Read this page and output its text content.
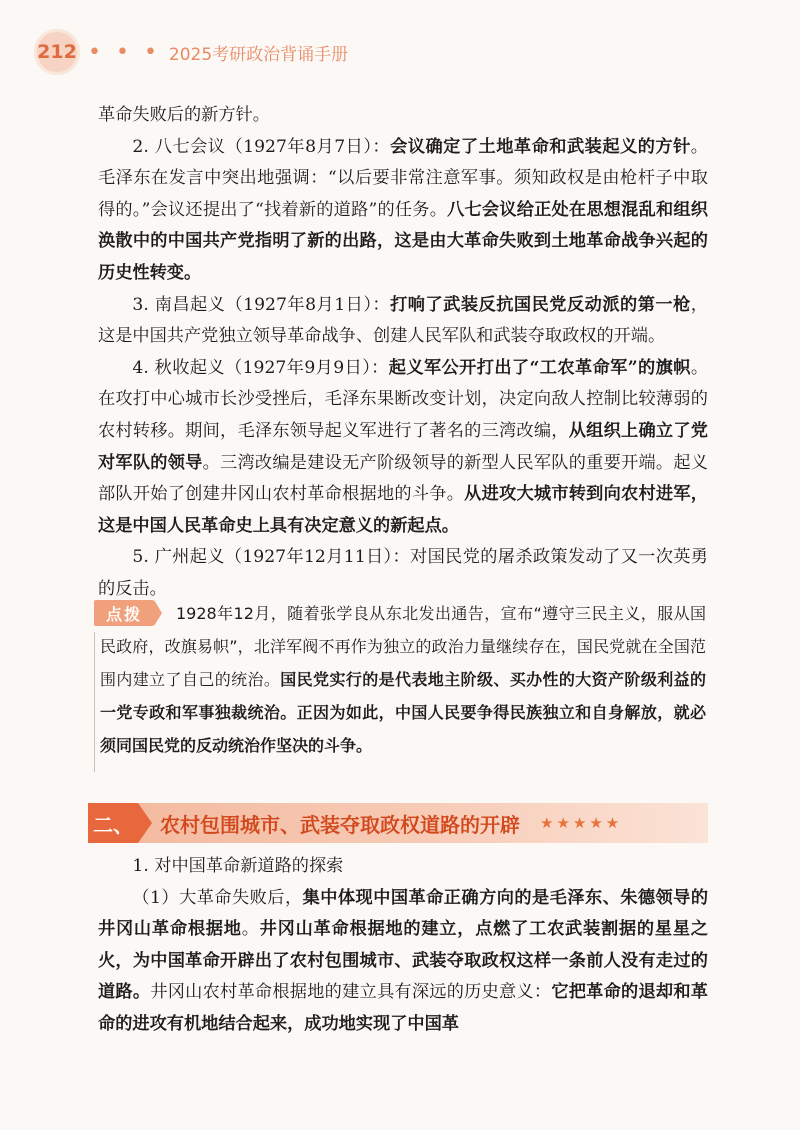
212 • • • 2025考研政治背诵手册

革命失败后的新方针。

2. 八七会议（1927年8月7日）：会议确定了土地革命和武装起义的方针。毛泽东在发言中突出地强调：“以后要非常注意军事。须知政权是由枪杆子中取得的。”会议还提出了“找着新的道路”的任务。八七会议给正处在思想混乱和组织涣散中的中国共产党指明了新的出路，这是由大革命失败到土地革命战争兴起的历史性转变。

3. 南昌起义（1927年8月1日）：打响了武装反抗国民党反动派的第一枪，这是中国共产党独立领导革命战争、创建人民军队和武装夺取政权的开端。

4. 秋收起义（1927年9月9日）：起义军公开打出了“工农革命军”的旗帜。在攻打中心城市长沙受挫后，毛泽东果断改变计划，决定向敌人控制比较薄弱的农村转移。期间，毛泽东领导起义军进行了著名的三湾改编，从组织上确立了党对军队的领导。三湾改编是建设无产阶级领导的新型人民军队的重要开端。起义部队开始了创建井冈山农村革命根据地的斗争。从进攻大城市转到向农村进军，这是中国人民革命史上具有决定意义的新起点。

5. 广州起义（1927年12月11日）：对国民党的屠杀政策发动了又一次英勇的反击。

点拨	1928年12月，随着张学良从东北发出通告，宣布“遵守三民主义，服从国民政府，改旗易帜”，北洋军阀不再作为独立的政治力量继续存在，国民党就在全国范围内建立了自己的统治。国民党实行的是代表地主阶级、买办性的大资产阶级利益的一党专政和军事独裁统治。正因为如此，中国人民要争得民族独立和自身解放，就必须同国民党的反动统治作坚决的斗争。

二、 农村包围城市、武装夺取政权道路的开辟 ★★★★★

1. 对中国革命新道路的探索

（1）大革命失败后，集中体现中国革命正确方向的是毛泽东、朱德领导的井冈山革命根据地。井冈山革命根据地的建立，点燃了工农武装割据的星星之火，为中国革命开辟出了农村包围城市、武装夺取政权这样一条前人没有走过的道路。井冈山农村革命根据地的建立具有深远的历史意义：它把革命的退却和革命的进攻有机地结合起来，成功地实现了中国革
